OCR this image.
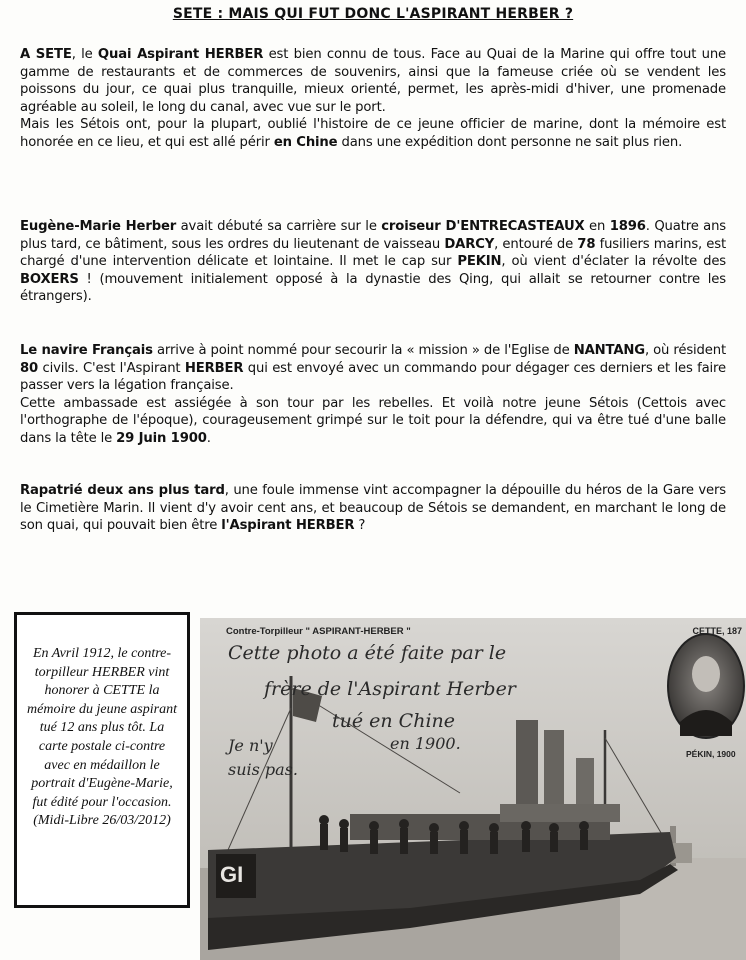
SETE : MAIS QUI FUT DONC L'ASPIRANT HERBER ?
A SETE, le Quai Aspirant HERBER est bien connu de tous. Face au Quai de la Marine qui offre tout une gamme de restaurants et de commerces de souvenirs, ainsi que la fameuse criée où se vendent les poissons du jour, ce quai plus tranquille, mieux orienté, permet, les après-midi d'hiver, une promenade agréable au soleil, le long du canal, avec vue sur le port.
Mais les Sétois ont, pour la plupart, oublié l'histoire de ce jeune officier de marine, dont la mémoire est honorée en ce lieu, et qui est allé périr en Chine dans une expédition dont personne ne sait plus rien.
Eugène-Marie Herber avait débuté sa carrière sur le croiseur D'ENTRECASTEAUX en 1896. Quatre ans plus tard, ce bâtiment, sous les ordres du lieutenant de vaisseau DARCY, entouré de 78 fusiliers marins, est chargé d'une intervention délicate et lointaine. Il met le cap sur PEKIN, où vient d'éclater la révolte des BOXERS ! (mouvement initialement opposé à la dynastie des Qing, qui allait se retourner contre les étrangers).
Le navire Français arrive à point nommé pour secourir la « mission » de l'Eglise de NANTANG, où résident 80 civils. C'est l'Aspirant HERBER qui est envoyé avec un commando pour dégager ces derniers et les faire passer vers la légation française.
Cette ambassade est assiégée à son tour par les rebelles. Et voilà notre jeune Sétois (Cettois avec l'orthographe de l'époque), courageusement grimpé sur le toit pour la défendre, qui va être tué d'une balle dans la tête le 29 Juin 1900.
Rapatrié deux ans plus tard, une foule immense vint accompagner la dépouille du héros de la Gare vers le Cimetière Marin. Il vient d'y avoir cent ans, et beaucoup de Sétois se demandent, en marchant le long de son quai, qui pouvait bien être l'Aspirant HERBER ?
En Avril 1912, le contre-torpilleur HERBER vint honorer à CETTE la mémoire du jeune aspirant tué 12 ans plus tôt. La carte postale ci-contre avec en médaillon le portrait d'Eugène-Marie, fut édité pour l'occasion. (Midi-Libre 26/03/2012)
Contre-Torpilleur " ASPIRANT-HERBER "	CETTE, 187
PÉKIN, 1900
Cette photo a été faite par le
frère de l'Aspirant Herber
tué en Chine
Je n'y	en 1900.
suis pas.
GI
